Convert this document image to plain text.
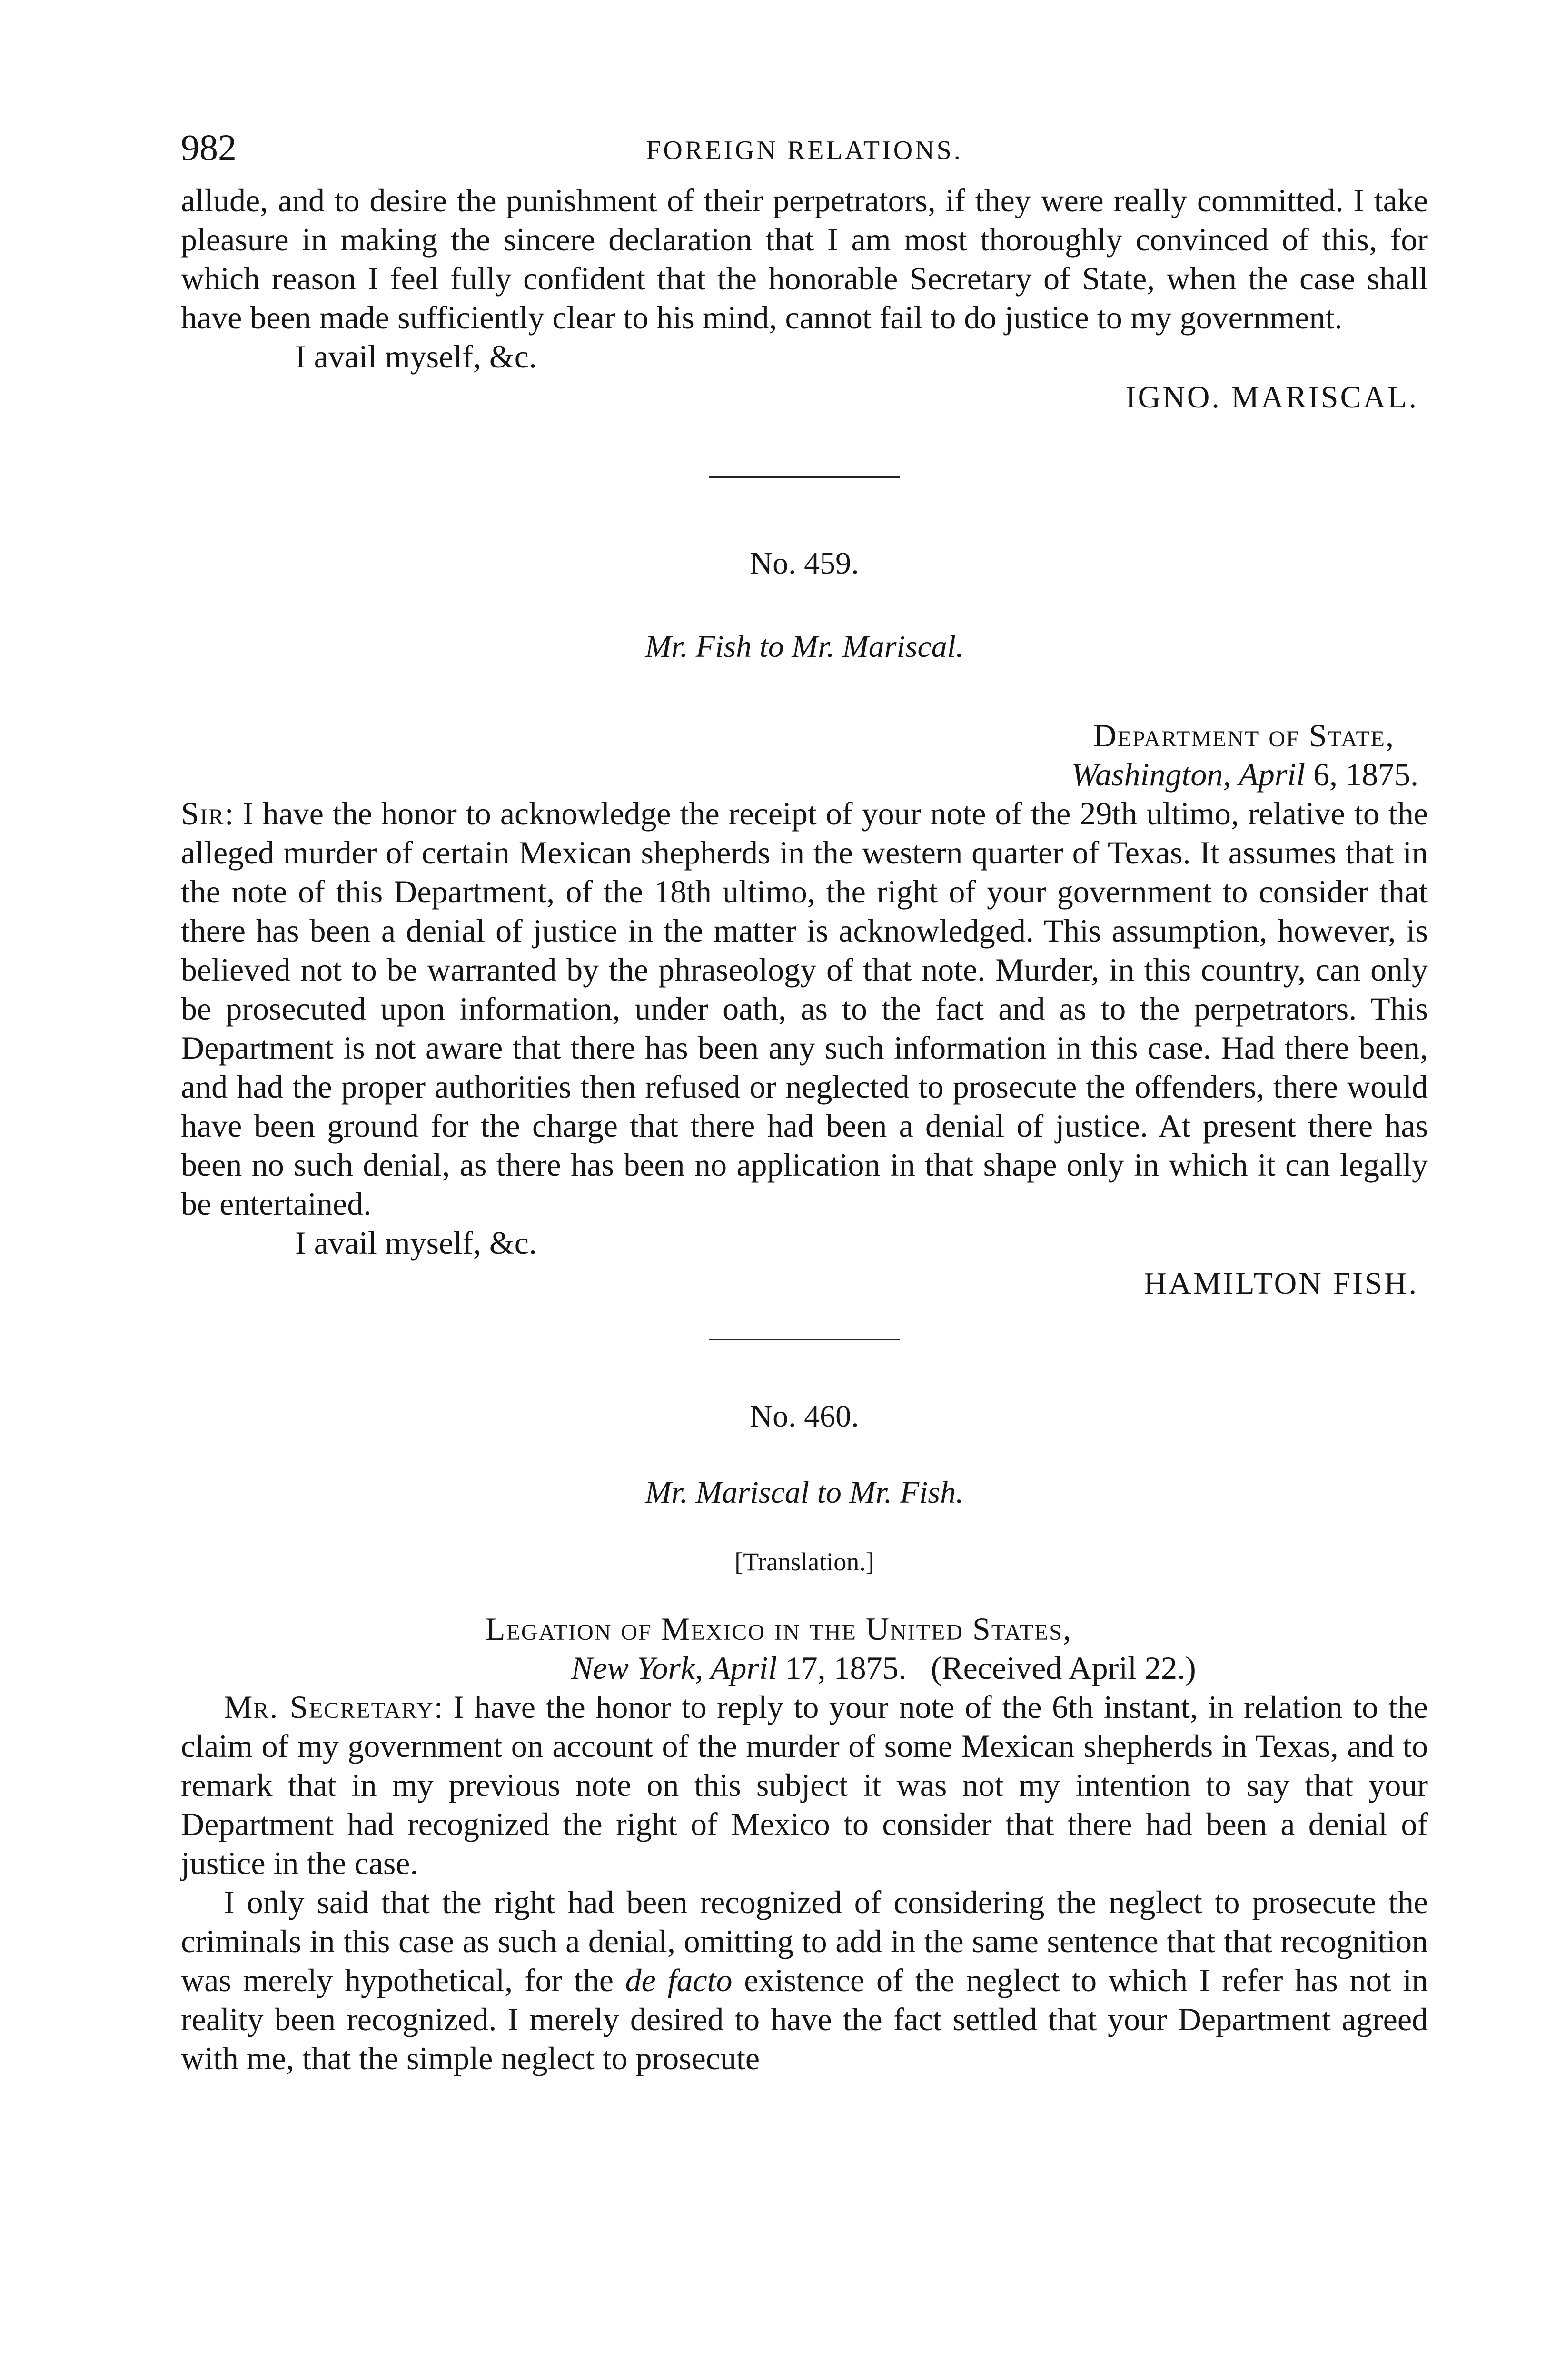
982	FOREIGN RELATIONS.

allude, and to desire the punishment of their perpetrators, if they were really committed. I take pleasure in making the sincere declaration that I am most thoroughly convinced of this, for which reason I feel fully confident that the honorable Secretary of State, when the case shall have been made sufficiently clear to his mind, cannot fail to do justice to my government.

I avail myself, &c.

IGNO. MARISCAL.

No. 459.

Mr. Fish to Mr. Mariscal.

Department of State,

Washington, April 6, 1875.

Sir: I have the honor to acknowledge the receipt of your note of the 29th ultimo, relative to the alleged murder of certain Mexican shepherds in the western quarter of Texas. It assumes that in the note of this Department, of the 18th ultimo, the right of your government to consider that there has been a denial of justice in the matter is acknowledged. This assumption, however, is believed not to be warranted by the phraseology of that note. Murder, in this country, can only be prosecuted upon information, under oath, as to the fact and as to the perpetrators. This Department is not aware that there has been any such information in this case. Had there been, and had the proper authorities then refused or neglected to prosecute the offenders, there would have been ground for the charge that there had been a denial of justice. At present there has been no such denial, as there has been no application in that shape only in which it can legally be entertained.

I avail myself, &c.

HAMILTON FISH.

No. 460.

Mr. Mariscal to Mr. Fish.

[Translation.]

Legation of Mexico in the United States,

New York, April 17, 1875. (Received April 22.)

Mr. Secretary: I have the honor to reply to your note of the 6th instant, in relation to the claim of my government on account of the murder of some Mexican shepherds in Texas, and to remark that in my previous note on this subject it was not my intention to say that your Department had recognized the right of Mexico to consider that there had been a denial of justice in the case.

I only said that the right had been recognized of considering the neglect to prosecute the criminals in this case as such a denial, omitting to add in the same sentence that that recognition was merely hypothetical, for the de facto existence of the neglect to which I refer has not in reality been recognized. I merely desired to have the fact settled that your Department agreed with me, that the simple neglect to prosecute
